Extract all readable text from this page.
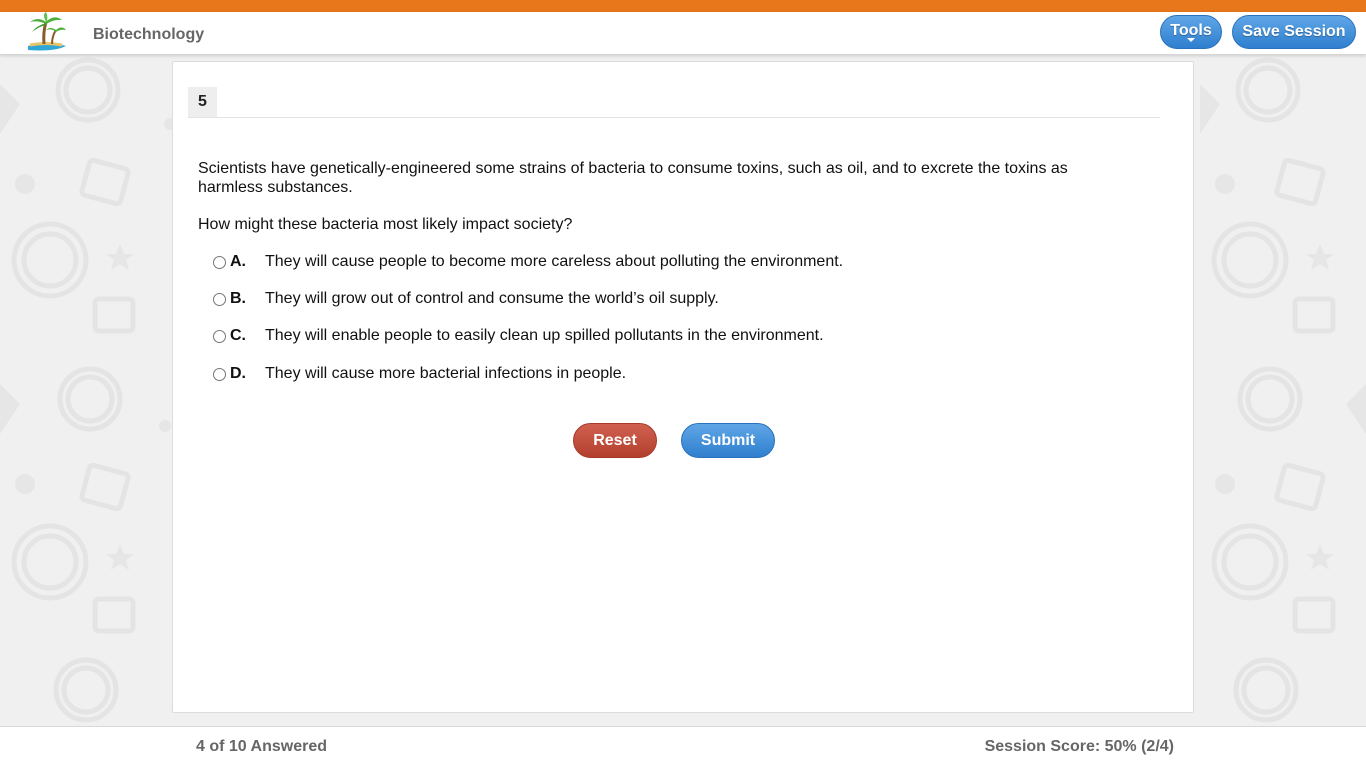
Biotechnology	Tools	Save Session
5
Scientists have genetically-engineered some strains of bacteria to consume toxins, such as oil, and to excrete the toxins as harmless substances.
How might these bacteria most likely impact society?
A.	They will cause people to become more careless about polluting the environment.
B.	They will grow out of control and consume the world’s oil supply.
C.	They will enable people to easily clean up spilled pollutants in the environment.
D.	They will cause more bacterial infections in people.
Reset	Submit
4 of 10 Answered	Session Score: 50% (2/4)
